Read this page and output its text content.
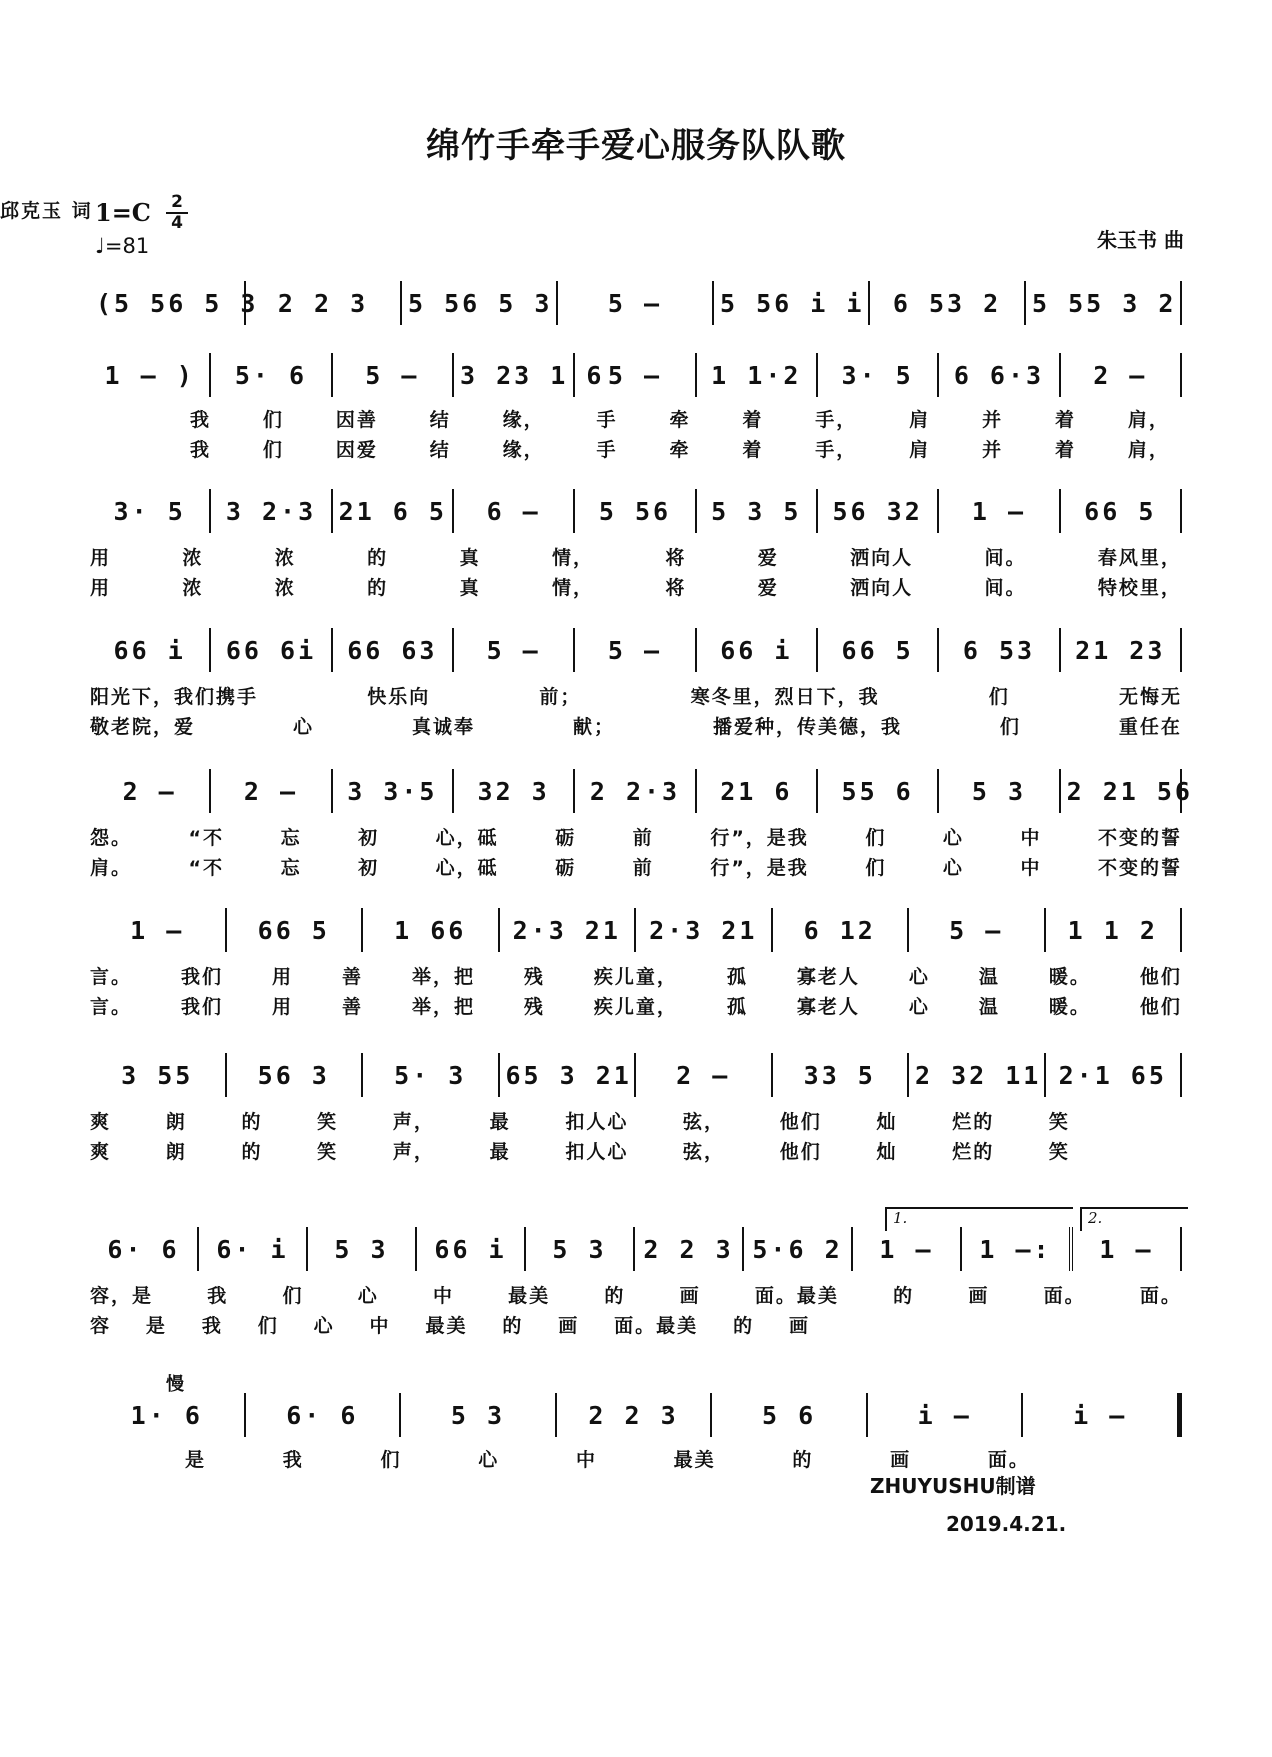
绵竹手牵手爱心服务队队歌
1=C 2
4
♩=81
邱克玉 词
朱玉书 曲
(5 56 5 3 2 2 3	5 56 5 3	5 –	5 56 i i	6 53 2	5 55 3 2
1 – )	5· 6	5 –	3 23 1 6 5 –	1 1·2	3· 5	6 6·3	2 –
我	们	因善	结	缘，	手	牵	着	手，	肩	并	着	肩，
我	们	因爱	结	缘，	手	牵	着	手，	肩	并	着	肩，
3· 5	3 2·3 21 6 5	6 –	5 56	5 3 5	56 32	1 –	66 5
用	浓	浓	的	真	情，	将	爱	洒向人	间。	春风里，
用	浓	浓	的	真	情，	将	爱	洒向人	间。	特校里，
66 i	66 6i	66 63	5 –	5 –	66 i	66 5	6 53	21 23
阳光下，我们携手	快乐向	前；	寒冬里，烈日下，我	们	无悔无
敬老院，爱	心	真诚奉	献；	播爱种，传美德，我	们	重任在
2 –	2 –	3 3·5	32 3	2 2·3	21 6	55 6	5 3	2 21 56
怨。	“不	忘	初	心，砥	砺	前	行”，是我	们	心	中	不变的誓
肩。	“不	忘	初	心，砥	砺	前	行”，是我	们	心	中	不变的誓
1 –	66 5	1 66	2·3 21	2·3 21	6 12	5 –	1 1 2
言。	我们	用	善	举，把	残	疾儿童，	孤	寡老人	心	温	暖。	他们
言。	我们	用	善	举，把	残	疾儿童，	孤	寡老人	心	温	暖。	他们
3 55	56 3	5· 3	65 3 21	2 –	33 5	2 32 11 2·1 65
爽	朗	的	笑	声，	最	扣人心	弦，	他们	灿	烂的	笑
爽	朗	的	笑	声，	最	扣人心	弦，	他们	灿	烂的	笑
1.	2.
6· 6	6· i	5 3	66 i	5 3	2 2 3 5·6 2	1 –	1 –:	1 –
容，是	我	们	心	中	最美	的	画	面。最美	的	画	面。	面。
容 是 我 们 心 中 最美 的 画 面。最美 的 画
慢
1· 6	6· 6	5 3	2 2 3	5 6	i –	i –
是	我	们	心	中	最美	的	画	面。
ZHUYUSHU制谱
2019.4.21.
